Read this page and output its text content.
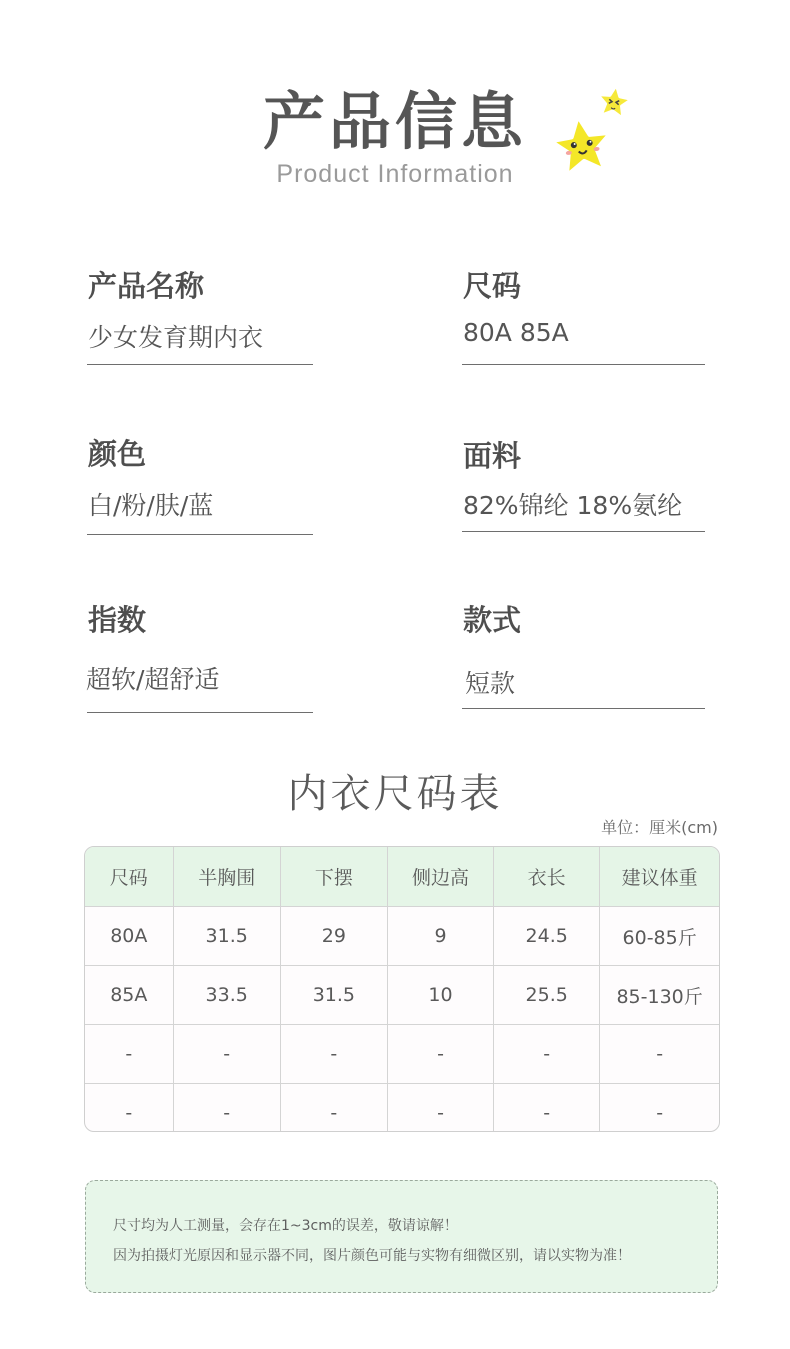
产品信息
Product Information
产品名称
少女发育期内衣
尺码
80A 85A
颜色
白/粉/肤/蓝
面料
82%锦纶 18%氨纶
指数
超软/超舒适
款式
短款
内衣尺码表
单位：厘米(cm)
尺码	半胸围	下摆	侧边高	衣长	建议体重
80A	31.5	29	9	24.5	60-85斤
85A	33.5	31.5	10	25.5	85-130斤
-	-	-	-	-	-
-	-	-	-	-	-

尺寸均为人工测量，会存在1~3cm的误差，敬请谅解！

因为拍摄灯光原因和显示器不同，图片颜色可能与实物有细微区别，请以实物为准！
